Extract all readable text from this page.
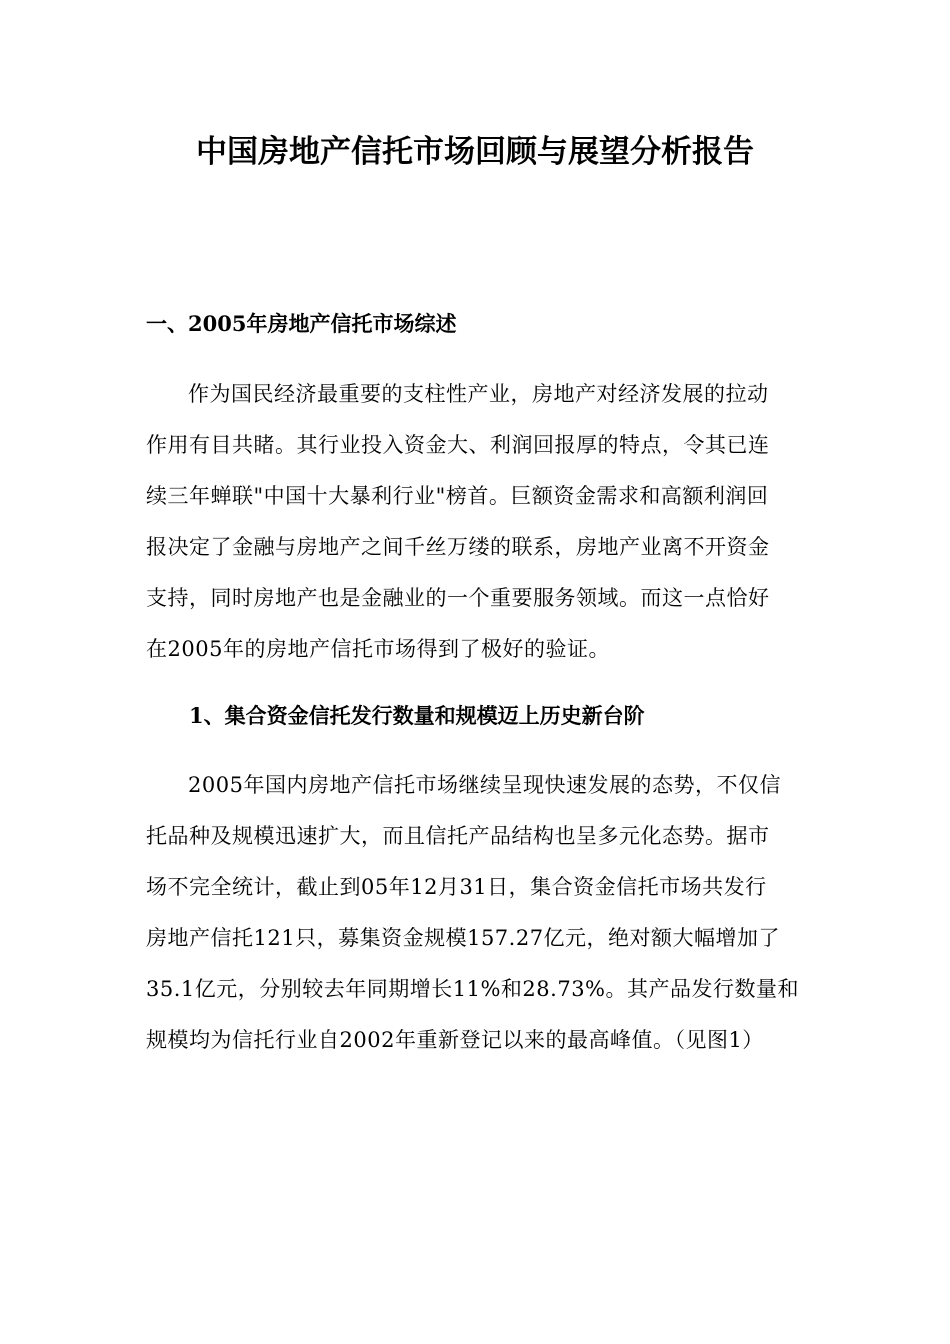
中国房地产信托市场回顾与展望分析报告
一、2005年房地产信托市场综述
作为国民经济最重要的支柱性产业，房地产对经济发展的拉动
作用有目共睹。其行业投入资金大、利润回报厚的特点，令其已连
续三年蝉联"中国十大暴利行业"榜首。巨额资金需求和高额利润回
报决定了金融与房地产之间千丝万缕的联系，房地产业离不开资金
支持，同时房地产也是金融业的一个重要服务领域。而这一点恰好
在2005年的房地产信托市场得到了极好的验证。
1、集合资金信托发行数量和规模迈上历史新台阶
2005年国内房地产信托市场继续呈现快速发展的态势，不仅信
托品种及规模迅速扩大，而且信托产品结构也呈多元化态势。据市
场不完全统计，截止到05年12月31日，集合资金信托市场共发行
房地产信托121只，募集资金规模157.27亿元，绝对额大幅增加了
35.1亿元，分别较去年同期增长11%和28.73%。其产品发行数量和
规模均为信托行业自2002年重新登记以来的最高峰值。（见图1）
